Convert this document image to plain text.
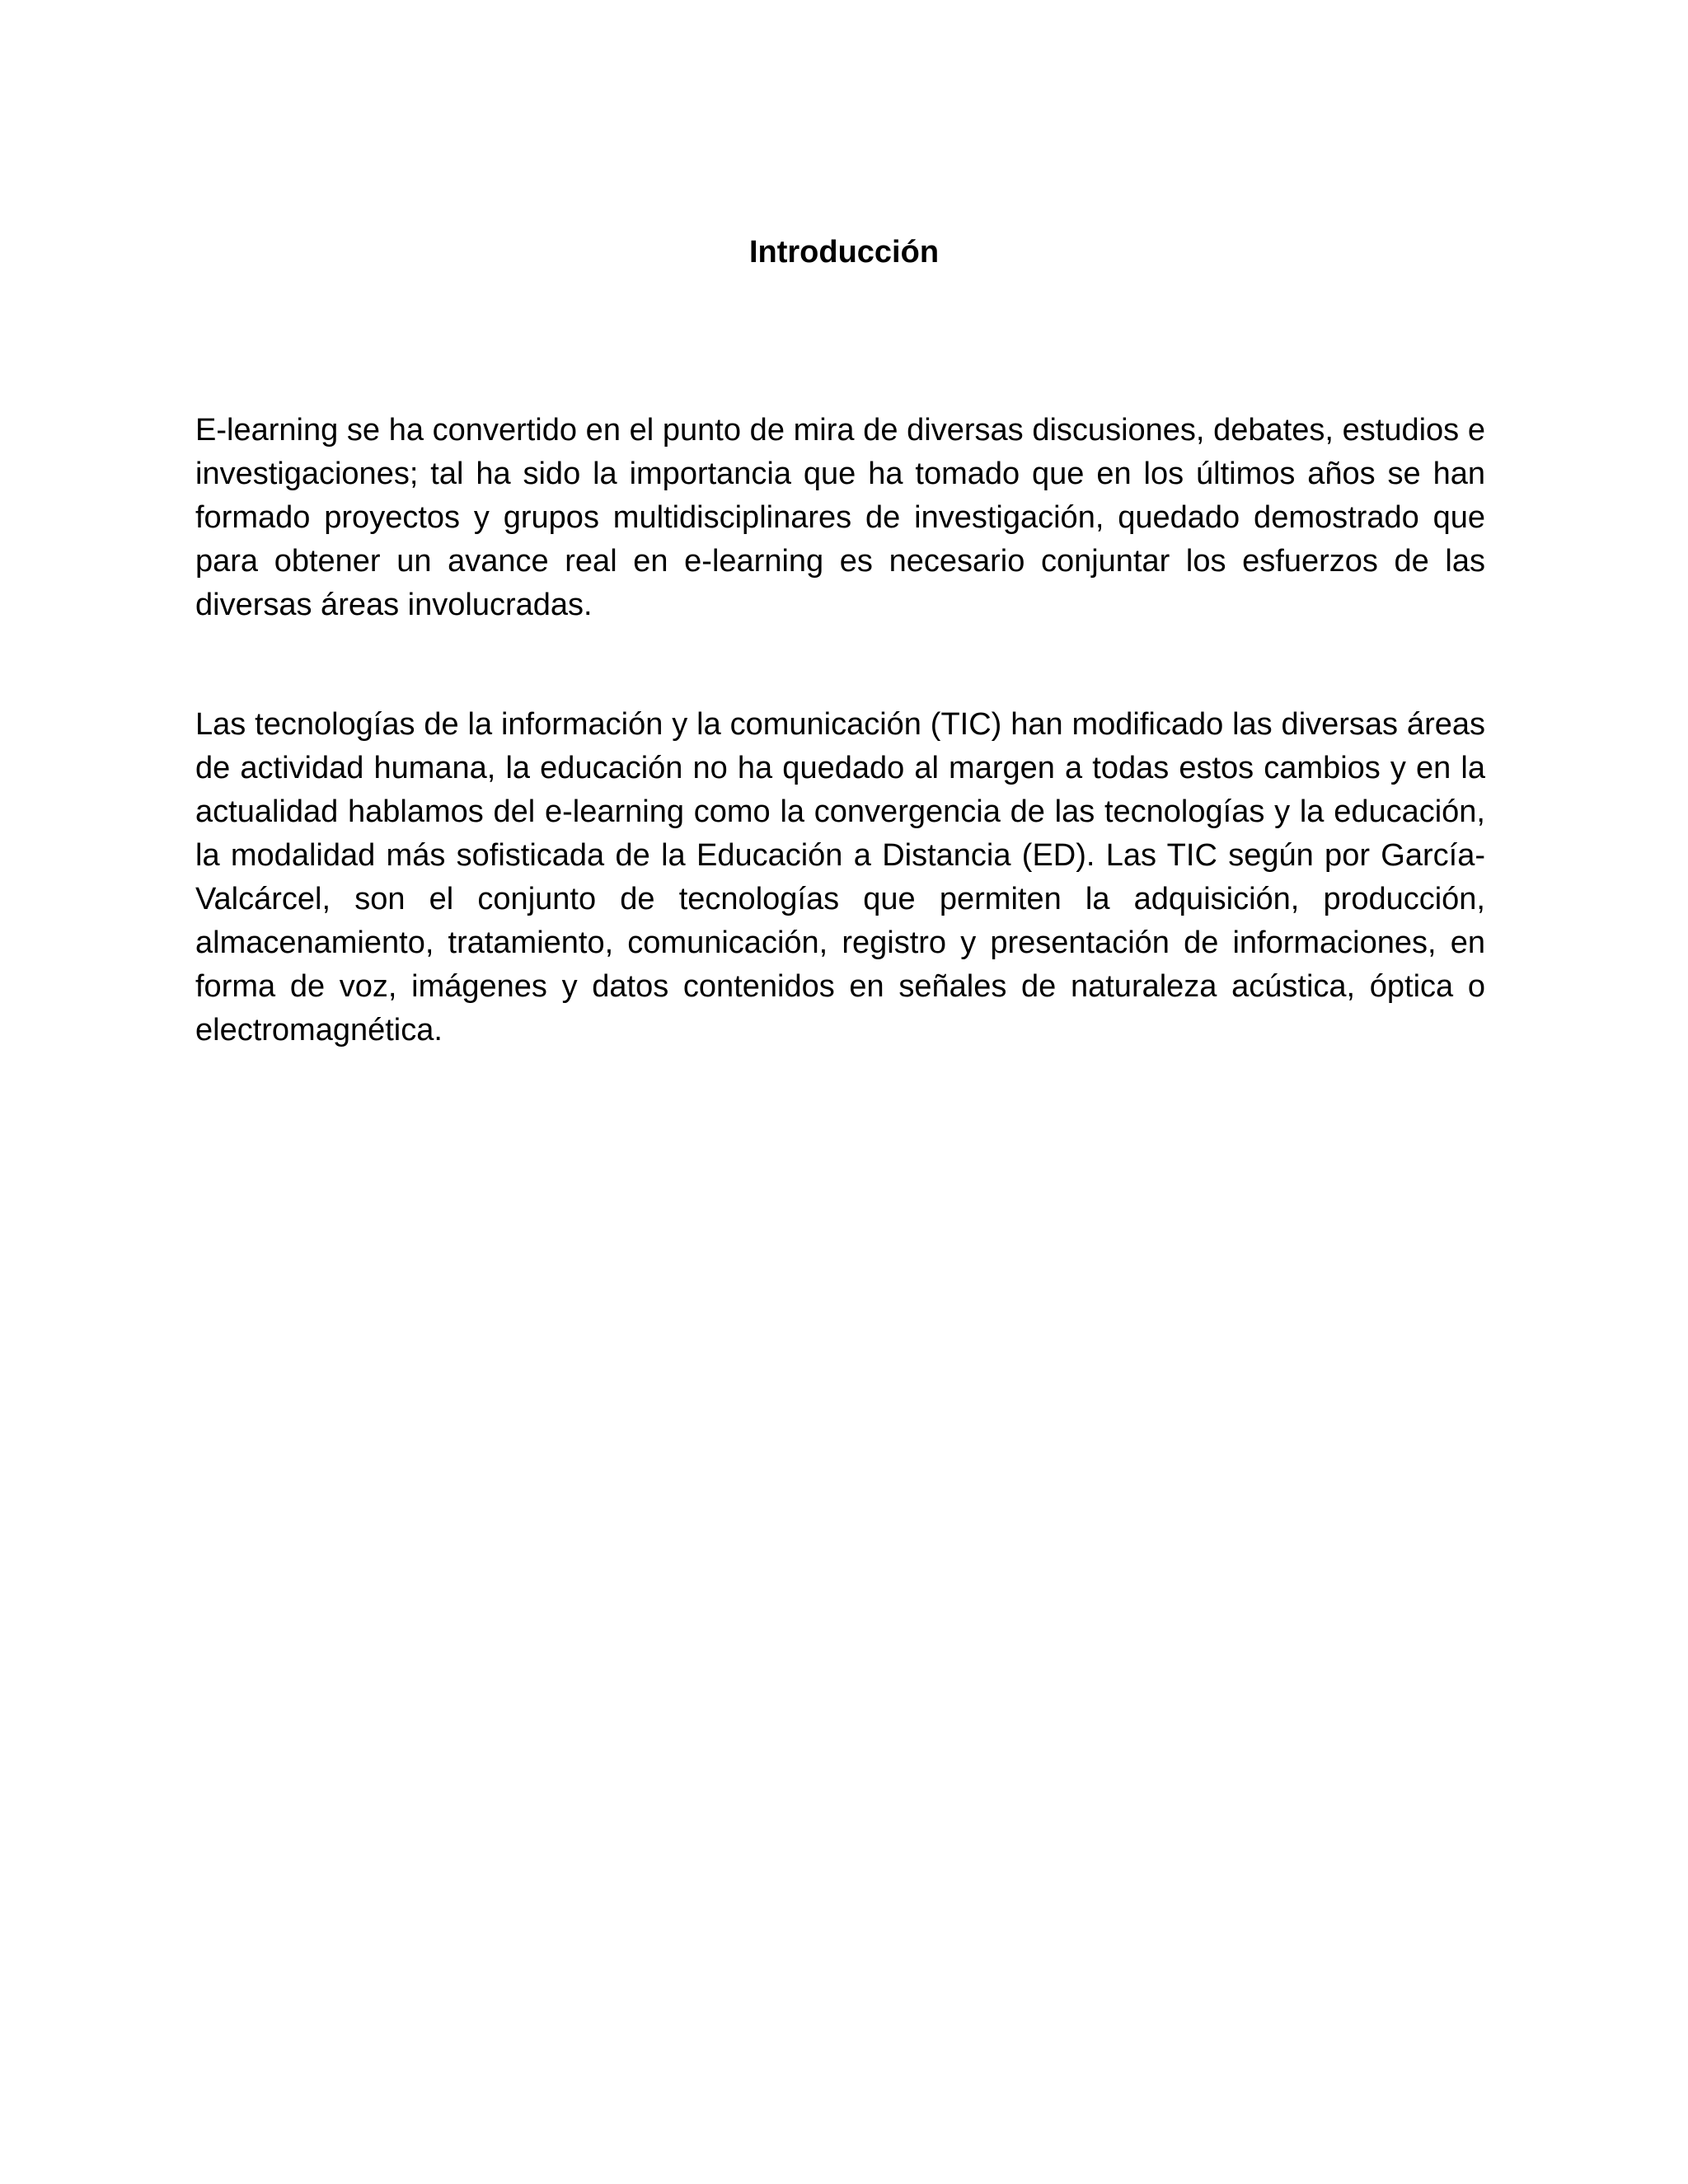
Introducción

E-learning se ha convertido en el punto de mira de diversas discusiones, debates, estudios e investigaciones; tal ha sido la importancia que ha tomado que en los últimos años se han formado proyectos y grupos multidisciplinares de investigación, quedado demostrado que para obtener un avance real en e-learning es necesario conjuntar los esfuerzos de las diversas áreas involucradas.

Las tecnologías de la información y la comunicación (TIC) han modificado las diversas áreas de actividad humana, la educación no ha quedado al margen a todas estos cambios y en la actualidad hablamos del e-learning como la convergencia de las tecnologías y la educación, la modalidad más sofisticada de la Educación a Distancia (ED). Las TIC según por García-Valcárcel, son el conjunto de tecnologías que permiten la adquisición, producción, almacenamiento, tratamiento, comunicación, registro y presentación de informaciones, en forma de voz, imágenes y datos contenidos en señales de naturaleza acústica, óptica o electromagnética.
